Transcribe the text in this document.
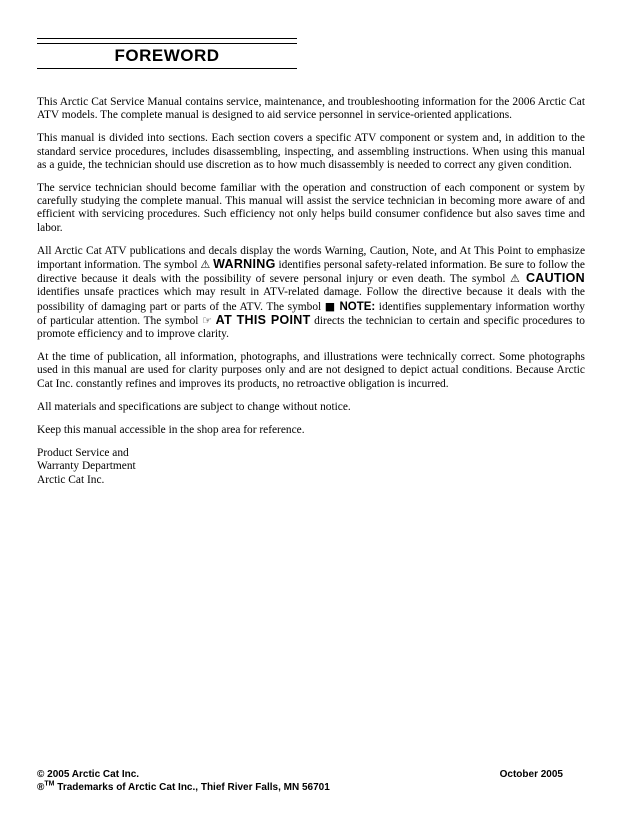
FOREWORD

This Arctic Cat Service Manual contains service, maintenance, and troubleshooting information for the 2006 Arctic Cat ATV models. The complete manual is designed to aid service personnel in service-oriented applications.

This manual is divided into sections. Each section covers a specific ATV component or system and, in addition to the standard service procedures, includes disassembling, inspecting, and assembling instructions. When using this manual as a guide, the technician should use discretion as to how much disassembly is needed to correct any given condition.

The service technician should become familiar with the operation and construction of each component or system by carefully studying the complete manual. This manual will assist the service technician in becoming more aware of and efficient with servicing procedures. Such efficiency not only helps build consumer confidence but also saves time and labor.

All Arctic Cat ATV publications and decals display the words Warning, Caution, Note, and At This Point to emphasize important information. The symbol ⚠ WARNING identifies personal safety-related information. Be sure to follow the directive because it deals with the possibility of severe personal injury or even death. The symbol ⚠ CAUTION identifies unsafe practices which may result in ATV-related damage. Follow the directive because it deals with the possibility of damaging part or parts of the ATV. The symbol ■ NOTE: identifies supplementary information worthy of particular attention. The symbol ☞ AT THIS POINT directs the technician to certain and specific procedures to promote efficiency and to improve clarity.

At the time of publication, all information, photographs, and illustrations were technically correct. Some photographs used in this manual are used for clarity purposes only and are not designed to depict actual conditions. Because Arctic Cat Inc. constantly refines and improves its products, no retroactive obligation is incurred.

All materials and specifications are subject to change without notice.

Keep this manual accessible in the shop area for reference.

Product Service and
Warranty Department
Arctic Cat Inc.
© 2005 Arctic Cat Inc.	October 2005
®™ Trademarks of Arctic Cat Inc., Thief River Falls, MN 56701
